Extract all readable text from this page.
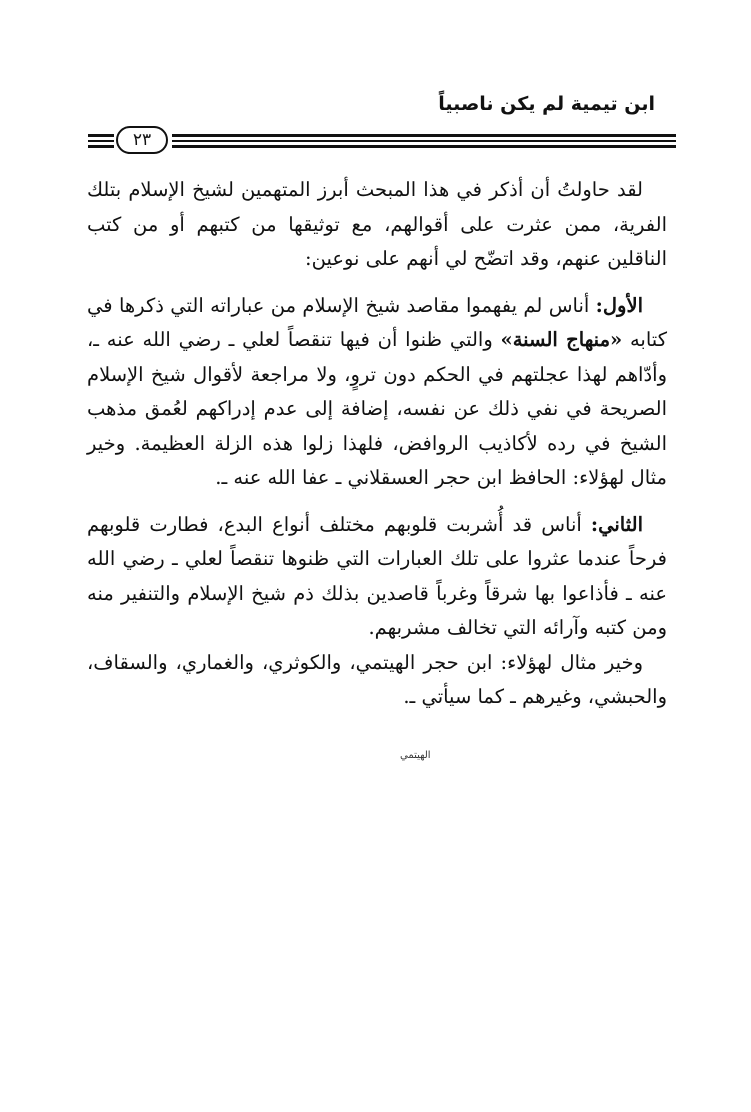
ابن تيمية لم يكن ناصبياً
٢٣

لقد حاولتُ أن أذكر في هذا المبحث أبرز المتهمين لشيخ الإسلام بتلك الفرية، ممن عثرت على أقوالهم، مع توثيقها من كتبهم أو من كتب الناقلين عنهم، وقد اتضّح لي أنهم على نوعين:

الأول: أناس لم يفهموا مقاصد شيخ الإسلام من عباراته التي ذكرها في كتابه «منهاج السنة» والتي ظنوا أن فيها تنقصاً لعلي ـ رضي الله عنه ـ، وأدّاهم لهذا عجلتهم في الحكم دون تروٍ، ولا مراجعة لأقوال شيخ الإسلام الصريحة في نفي ذلك عن نفسه، إضافة إلى عدم إدراكهم لعُمق مذهب الشيخ في رده لأكاذيب الروافض، فلهذا زلوا هذه الزلة العظيمة. وخير مثال لهؤلاء: الحافظ ابن حجر العسقلاني ـ عفا الله عنه ـ.

الثاني: أناس قد أُشربت قلوبهم مختلف أنواع البدع، فطارت قلوبهم فرحاً عندما عثروا على تلك العبارات التي ظنوها تنقصاً لعلي ـ رضي الله عنه ـ فأذاعوا بها شرقاً وغرباً قاصدين بذلك ذم شيخ الإسلام والتنفير منه ومن كتبه وآرائه التي تخالف مشربهم.

وخير مثال لهؤلاء: ابن حجر الهيتمي، والكوثري، والغماري، والسقاف، والحبشي، وغيرهم ـ كما سيأتي ـ.

الهيتمي
